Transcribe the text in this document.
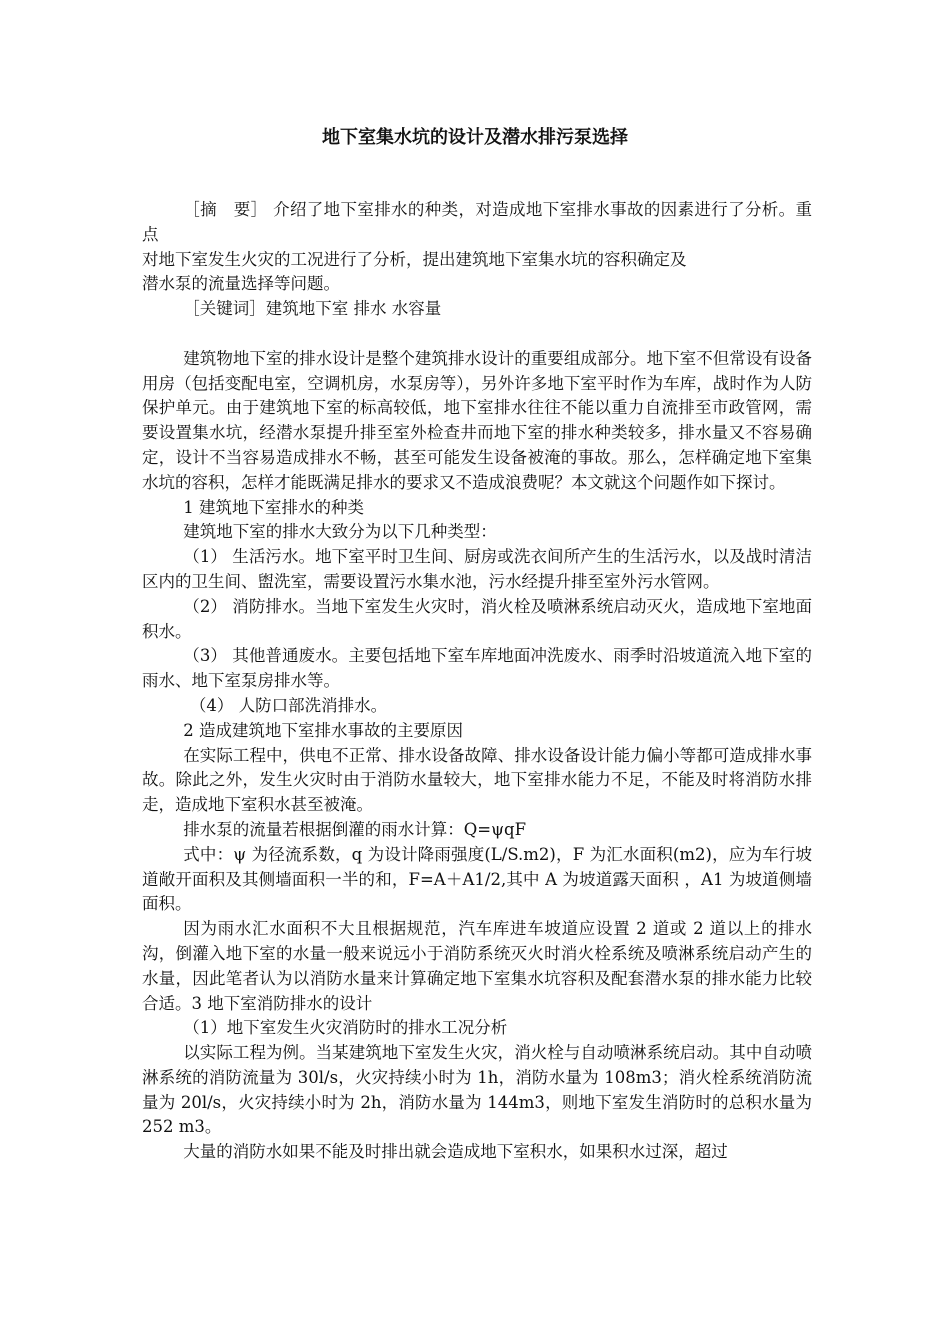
地下室集水坑的设计及潜水排污泵选择

［摘　要］ 介绍了地下室排水的种类，对造成地下室排水事故的因素进行了分析。重点

对地下室发生火灾的工况进行了分析，提出建筑地下室集水坑的容积确定及

潜水泵的流量选择等问题。

［关键词］建筑地下室 排水 水容量

建筑物地下室的排水设计是整个建筑排水设计的重要组成部分。地下室不但常设有设备用房（包括变配电室，空调机房，水泵房等），另外许多地下室平时作为车库，战时作为人防保护单元。由于建筑地下室的标高较低，地下室排水往往不能以重力自流排至市政管网，需要设置集水坑，经潜水泵提升排至室外检查井而地下室的排水种类较多，排水量又不容易确定，设计不当容易造成排水不畅，甚至可能发生设备被淹的事故。那么，怎样确定地下室集水坑的容积，怎样才能既满足排水的要求又不造成浪费呢？本文就这个问题作如下探讨。

1 建筑地下室排水的种类

建筑地下室的排水大致分为以下几种类型：

（1） 生活污水。地下室平时卫生间、厨房或洗衣间所产生的生活污水，以及战时清洁区内的卫生间、盥洗室，需要设置污水集水池，污水经提升排至室外污水管网。

（2） 消防排水。当地下室发生火灾时，消火栓及喷淋系统启动灭火，造成地下室地面积水。

（3） 其他普通废水。主要包括地下室车库地面冲洗废水、雨季时沿坡道流入地下室的雨水、地下室泵房排水等。

（4） 人防口部洗消排水。

2 造成建筑地下室排水事故的主要原因

在实际工程中，供电不正常、排水设备故障、排水设备设计能力偏小等都可造成排水事故。除此之外，发生火灾时由于消防水量较大，地下室排水能力不足，不能及时将消防水排走，造成地下室积水甚至被淹。

排水泵的流量若根据倒灌的雨水计算：Q=ψqF

式中：ψ 为径流系数，q 为设计降雨强度(L/S.m2)，F 为汇水面积(m2)，应为车行坡道敞开面积及其侧墙面积一半的和，F=A＋A1/2,其中 A 为坡道露天面积 ，A1 为坡道侧墙面积。

因为雨水汇水面积不大且根据规范，汽车库进车坡道应设置 2 道或 2 道以上的排水沟，倒灌入地下室的水量一般来说远小于消防系统灭火时消火栓系统及喷淋系统启动产生的水量，因此笔者认为以消防水量来计算确定地下室集水坑容积及配套潜水泵的排水能力比较合适。3 地下室消防排水的设计

（1）地下室发生火灾消防时的排水工况分析

以实际工程为例。当某建筑地下室发生火灾，消火栓与自动喷淋系统启动。其中自动喷淋系统的消防流量为 30l/s，火灾持续小时为 1h，消防水量为 108m3；消火栓系统消防流量为 20l/s，火灾持续小时为 2h，消防水量为 144m3，则地下室发生消防时的总积水量为 252 m3。

大量的消防水如果不能及时排出就会造成地下室积水，如果积水过深，超过
